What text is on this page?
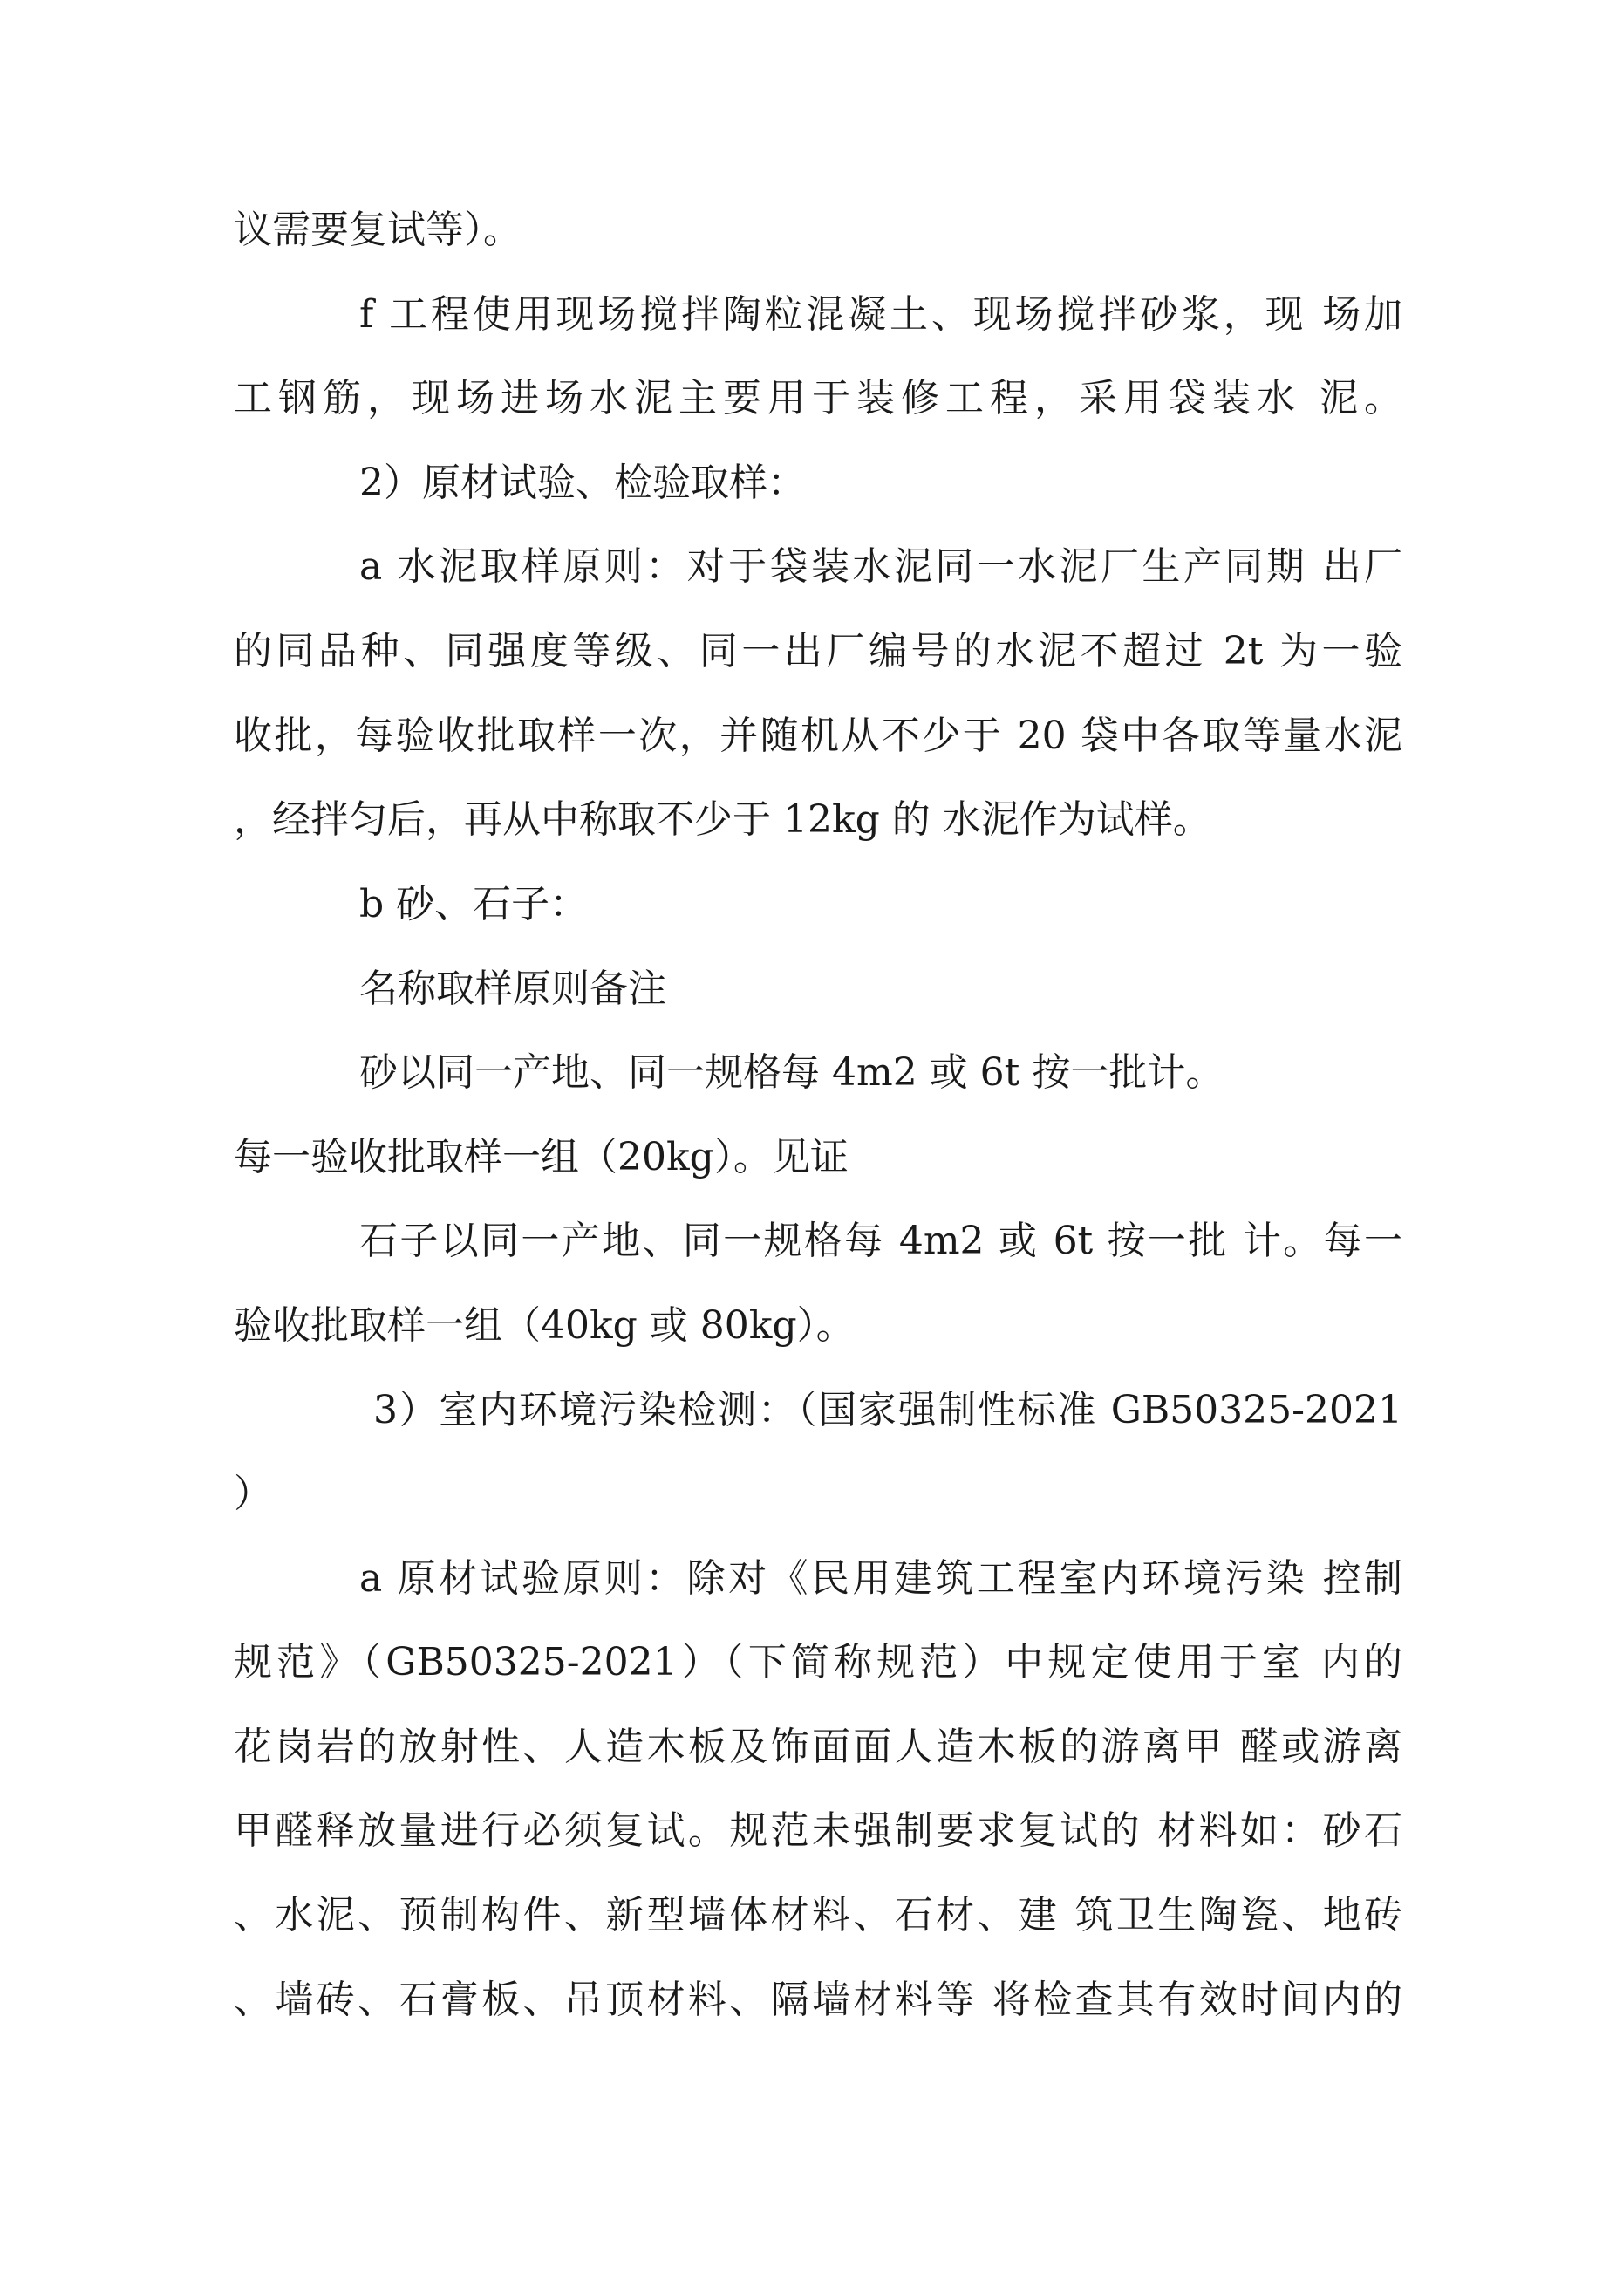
议需要复试等）。
f 工程使用现场搅拌陶粒混凝土、现场搅拌砂浆，现 场加
工钢筋，现场进场水泥主要用于装修工程，采用袋装水 泥。
2）原材试验、检验取样：
a 水泥取样原则：对于袋装水泥同一水泥厂生产同期 出厂
的同品种、同强度等级、同一出厂编号的水泥不超过 2t 为一验
收批，每验收批取样一次，并随机从不少于 20 袋中各取等量水泥
，经拌匀后，再从中称取不少于 12kg 的 水泥作为试样。
b 砂、石子：
名称取样原则备注
砂以同一产地、同一规格每 4m2 或 6t 按一批计。
每一验收批取样一组（20kg）。见证
石子以同一产地、同一规格每 4m2 或 6t 按一批 计。每一
验收批取样一组（40kg 或 80kg）。
3）室内环境污染检测：（国家强制性标准 GB50325-2021
）
a 原材试验原则：除对《民用建筑工程室内环境污染 控制
规范》（GB50325-2021）（下简称规范）中规定使用于室 内的
花岗岩的放射性、人造木板及饰面面人造木板的游离甲 醛或游离
甲醛释放量进行必须复试。规范未强制要求复试的 材料如：砂石
、水泥、预制构件、新型墙体材料、石材、建 筑卫生陶瓷、地砖
、墙砖、石膏板、吊顶材料、隔墙材料等 将检查其有效时间内的
